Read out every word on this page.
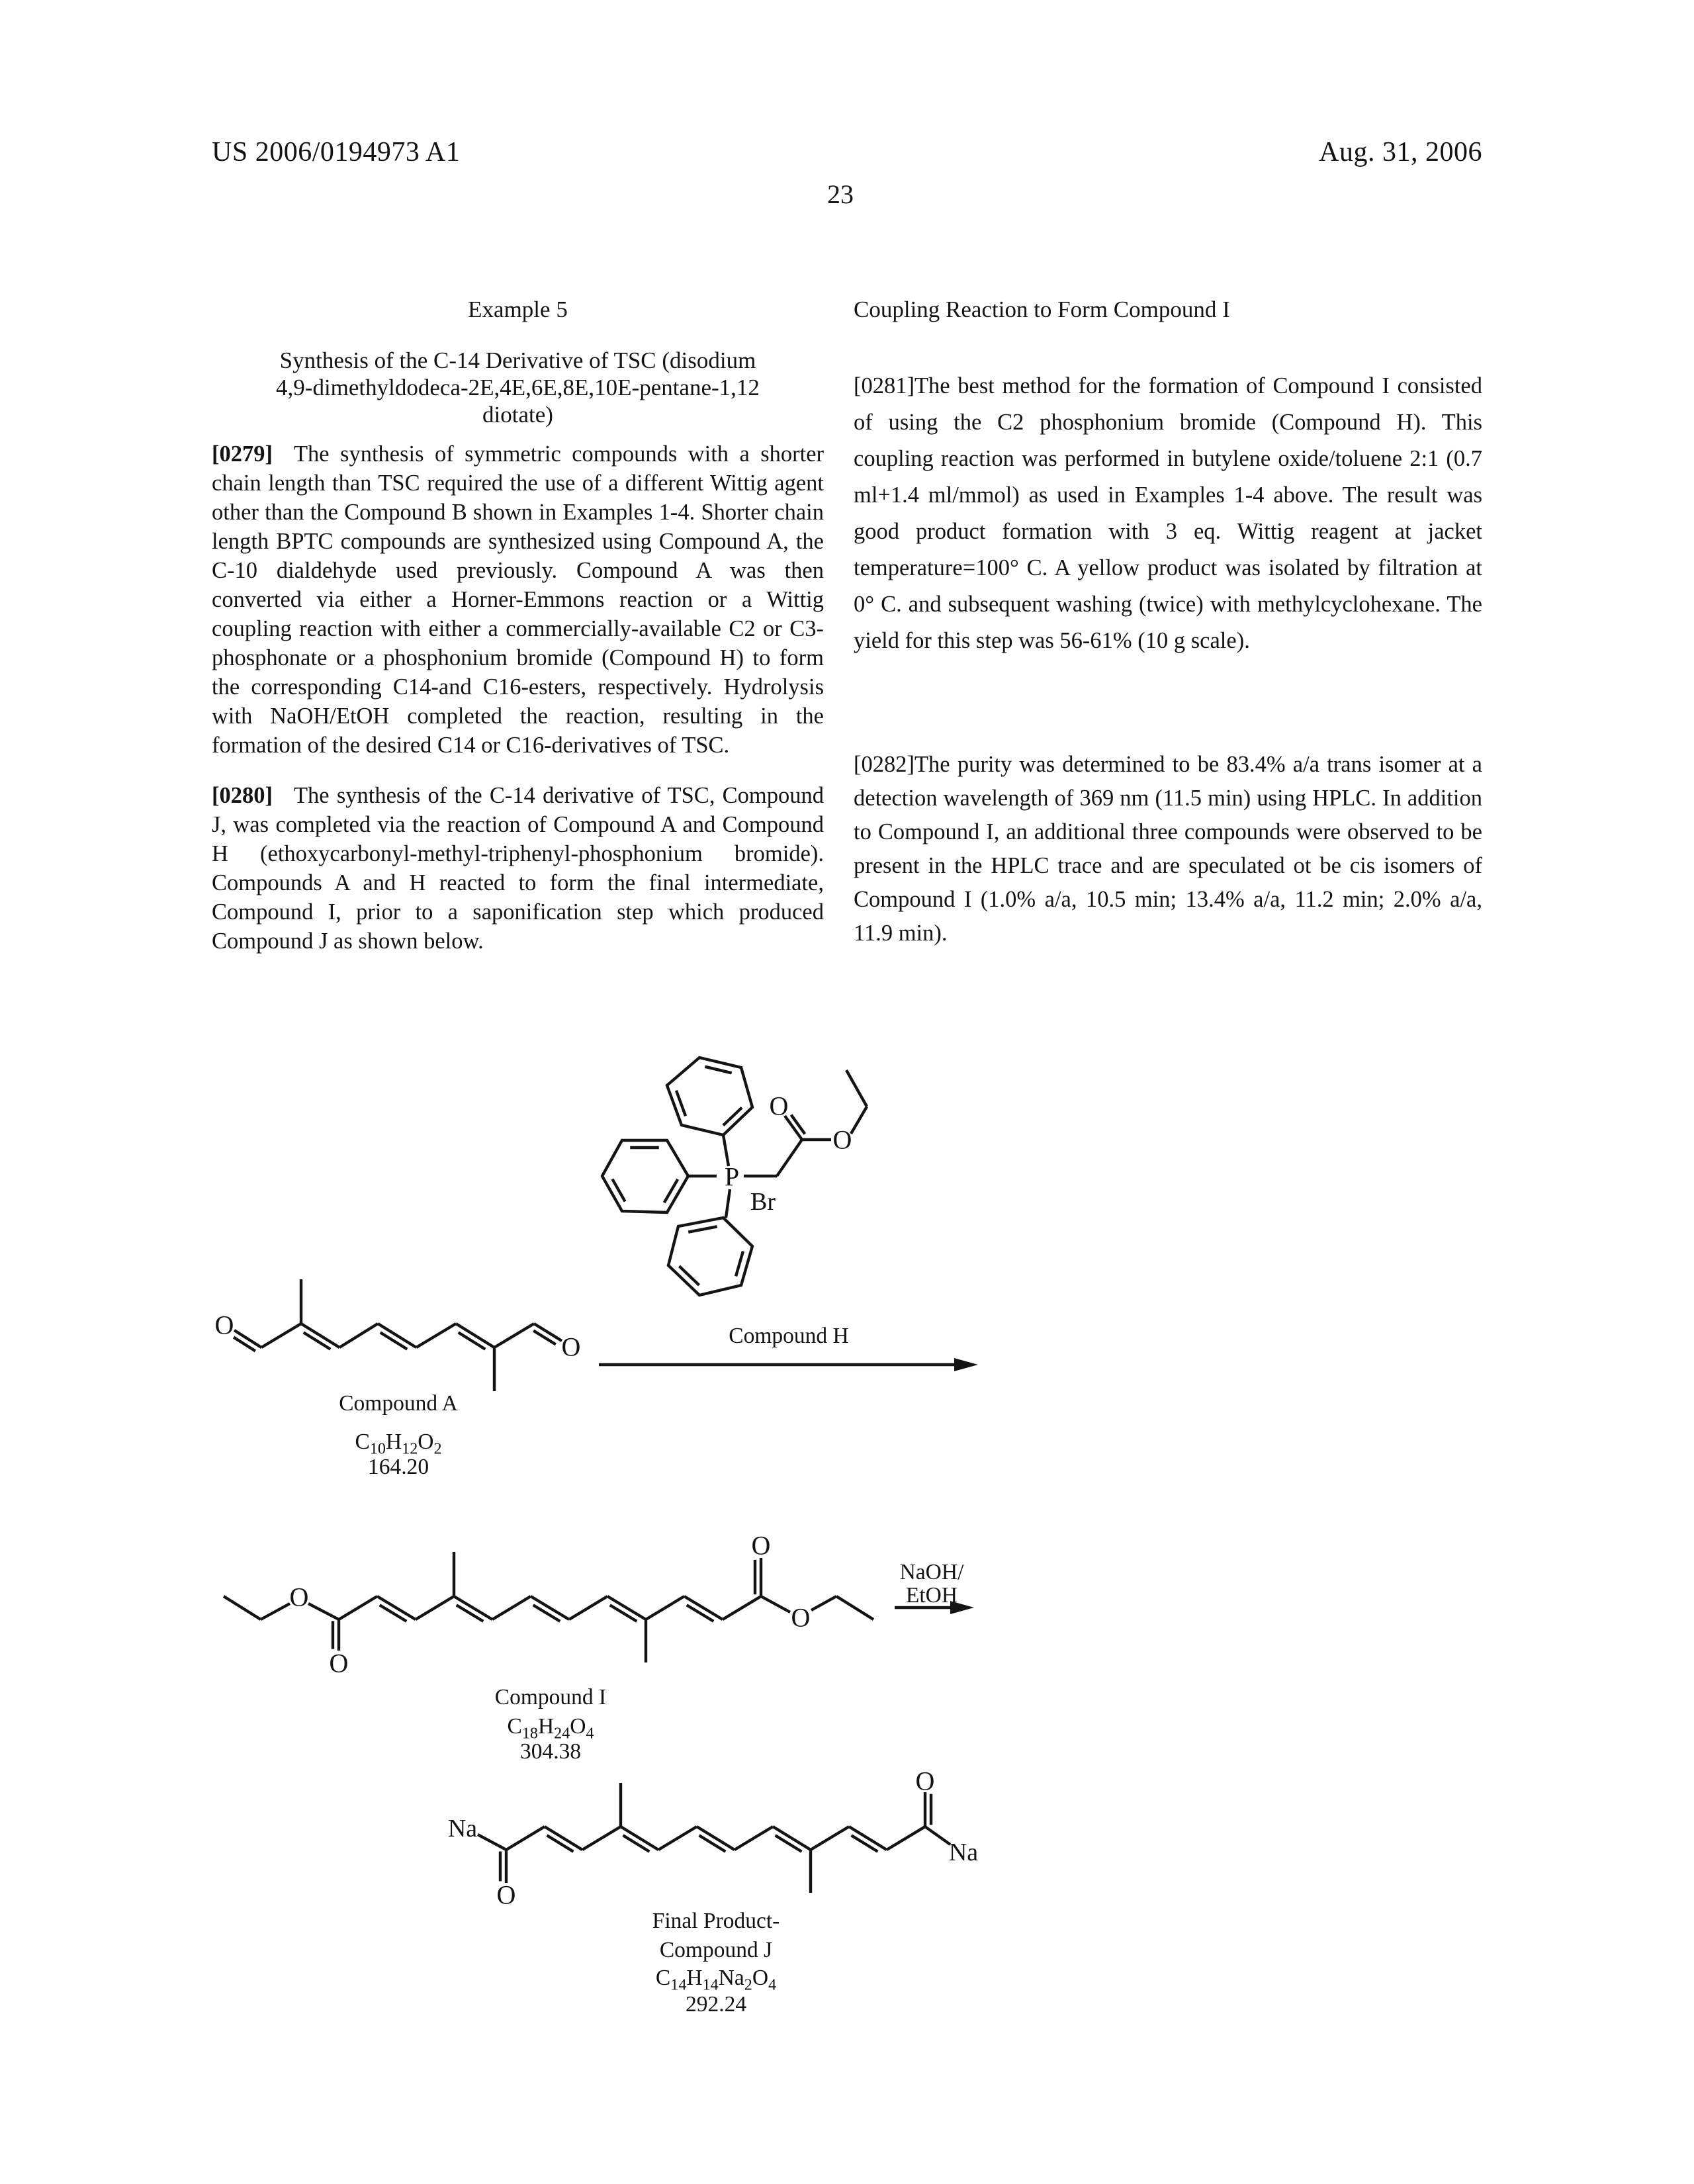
US 2006/0194973 A1	Aug. 31, 2006
23
Example 5
Synthesis of the C-14 Derivative of TSC (disodium
4,9-dimethyldodeca-2E,4E,6E,8E,10E-pentane-1,12
diotate)
[0279] The synthesis of symmetric compounds with a shorter chain length than TSC required the use of a different Wittig agent other than the Compound B shown in Examples 1-4. Shorter chain length BPTC compounds are synthesized using Compound A, the C-10 dialdehyde used previously. Compound A was then converted via either a Horner-Emmons reaction or a Wittig coupling reaction with either a commercially-available C2 or C3-phosphonate or a phosphonium bromide (Compound H) to form the corresponding C14-and C16-esters, respectively. Hydrolysis with NaOH/EtOH completed the reaction, resulting in the formation of the desired C14 or C16-derivatives of TSC.
[0280] The synthesis of the C-14 derivative of TSC, Compound J, was completed via the reaction of Compound A and Compound H (ethoxycarbonyl-methyl-triphenyl-phosphonium bromide). Compounds A and H reacted to form the final intermediate, Compound I, prior to a saponification step which produced Compound J as shown below.
Coupling Reaction to Form Compound I
[0281]The best method for the formation of Compound I consisted of using the C2 phosphonium bromide (Compound H). This coupling reaction was performed in butylene oxide/toluene 2:1 (0.7 ml+1.4 ml/mmol) as used in Examples 1-4 above. The result was good product formation with 3 eq. Wittig reagent at jacket temperature=100° C. A yellow product was isolated by filtration at 0° C. and subsequent washing (twice) with methylcyclohexane. The yield for this step was 56-61% (10 g scale).
[0282]The purity was determined to be 83.4% a/a trans isomer at a detection wavelength of 369 nm (11.5 min) using HPLC. In addition to Compound I, an additional three compounds were observed to be present in the HPLC trace and are speculated ot be cis isomers of Compound I (1.0% a/a, 10.5 min; 13.4% a/a, 11.2 min; 2.0% a/a, 11.9 min).
P
Br
O
O
O
O
O
O
O
O
Na
O
O
Na
Compound H
NaOH/
EtOH
Compound A
$C_{10}H_{12}O_2$
164.20
Compound I
$C_{18}H_{24}O_4$
304.38
Final Product-
Compound J
$C_{14}H_{14}Na_2O_4$
292.24
